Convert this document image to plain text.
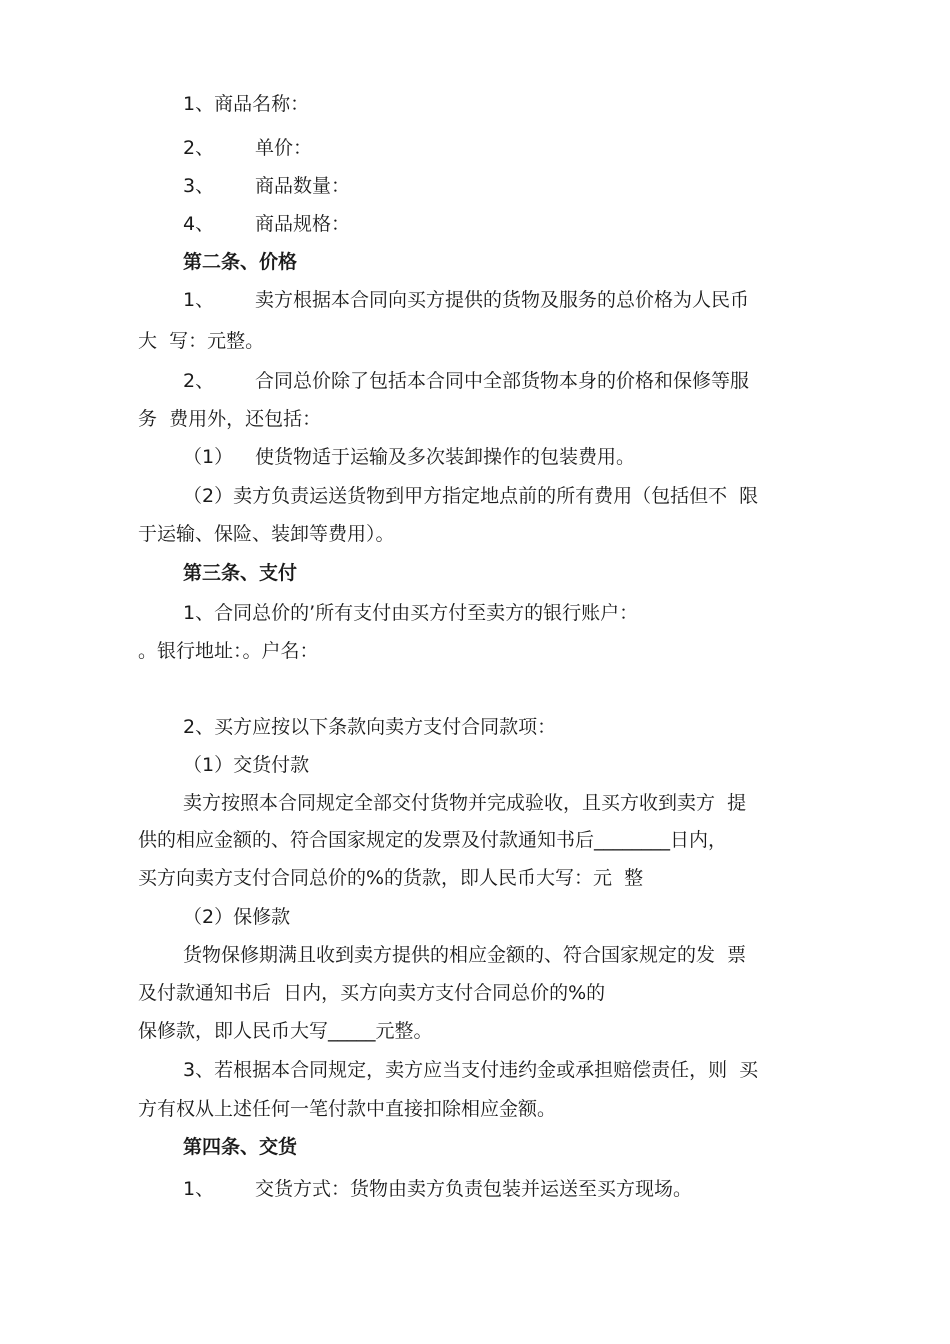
1、商品名称：
2、 单价：
3、 商品数量：
4、 商品规格：
第二条、价格
1、 卖方根据本合同向买方提供的货物及服务的总价格为人民币
大  写：元整。
2、 合同总价除了包括本合同中全部货物本身的价格和保修等服
务  费用外，还包括：
（1） 使货物适于运输及多次装卸操作的包装费用。
（2）卖方负责运送货物到甲方指定地点前的所有费用（包括但不  限
于运输、保险、装卸等费用）。
第三条、支付
1、合同总价的’所有支付由买方付至卖方的银行账户：
。银行地址：。户名：
2、买方应按以下条款向卖方支付合同款项：
（1）交货付款
卖方按照本合同规定全部交付货物并完成验收，且买方收到卖方  提
供的相应金额的、符合国家规定的发票及付款通知书后________日内，
买方向卖方支付合同总价的%的货款，即人民币大写：元  整
（2）保修款
货物保修期满且收到卖方提供的相应金额的、符合国家规定的发  票
及付款通知书后  日内，买方向卖方支付合同总价的%的
保修款，即人民币大写_____元整。
3、若根据本合同规定，卖方应当支付违约金或承担赔偿责任，则  买
方有权从上述任何一笔付款中直接扣除相应金额。
第四条、交货
1、 交货方式：货物由卖方负责包装并运送至买方现场。
